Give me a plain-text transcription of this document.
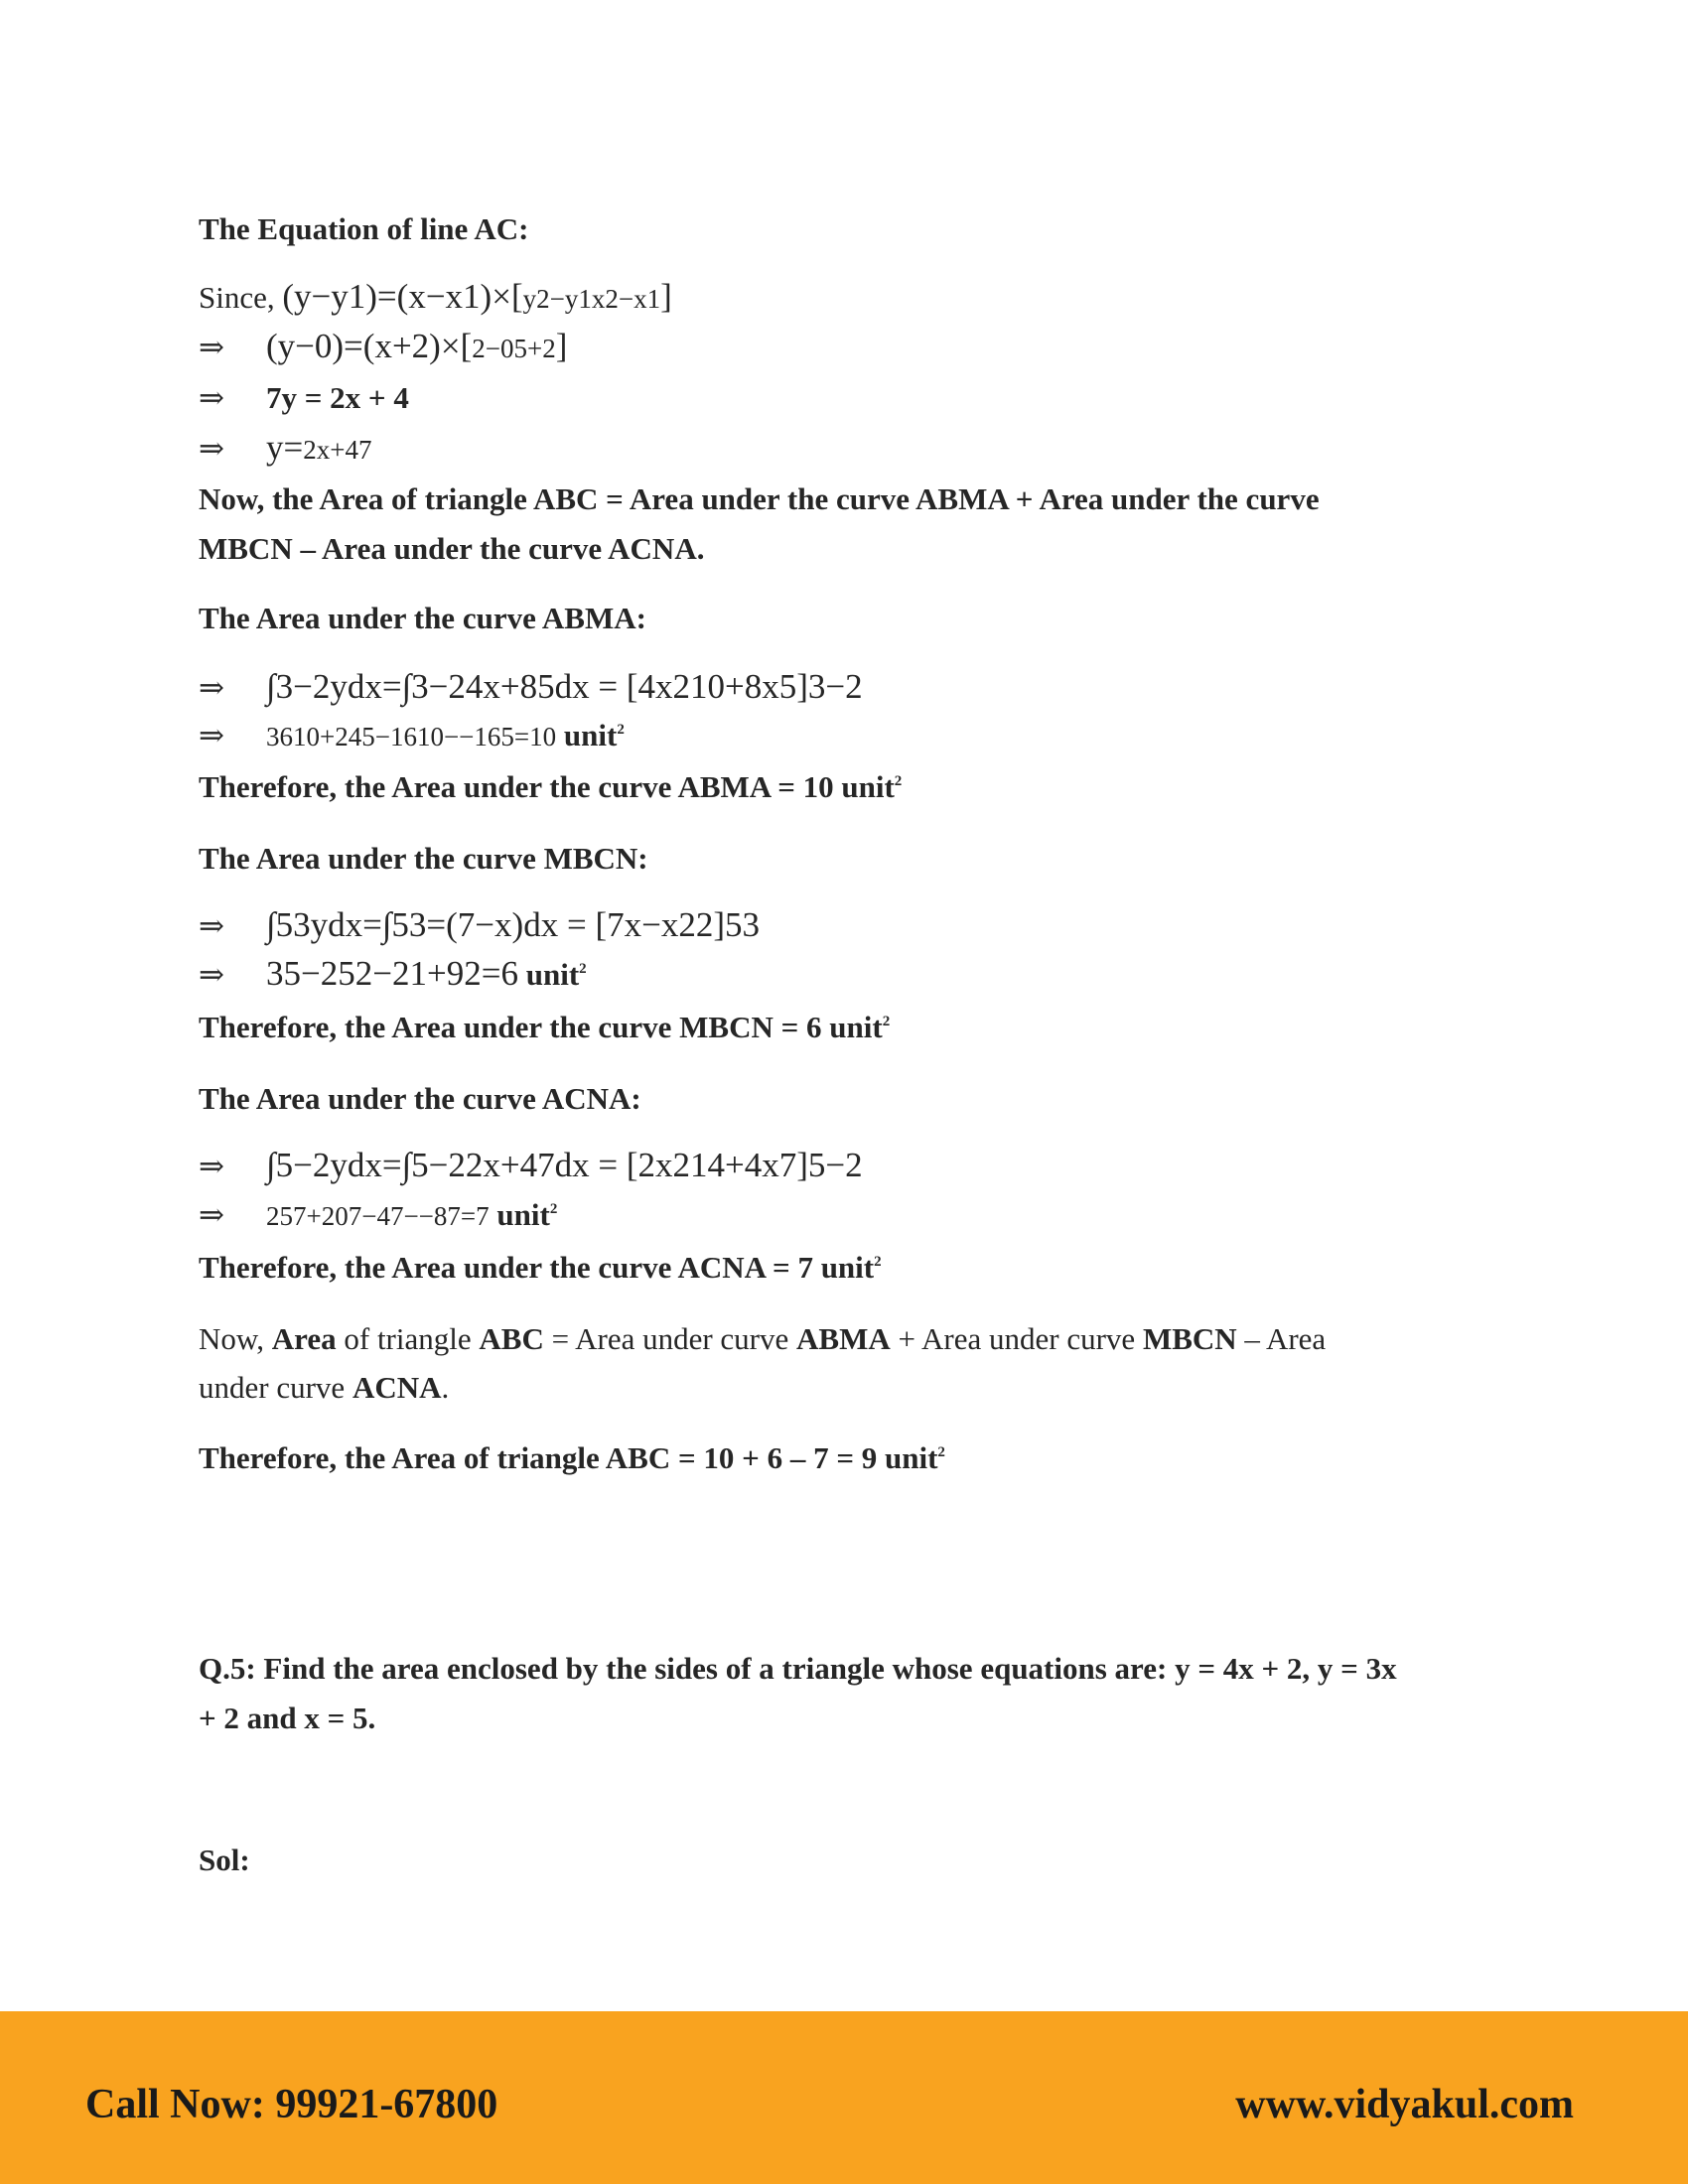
The Equation of line AC:
Since, (y−y1)=(x−x1)×[y2−y1x2−x1]
⇒ (y−0)=(x+2)×[2−05+2]
⇒ 7y = 2x + 4
⇒ y=2x+47
Now, the Area of triangle ABC = Area under the curve ABMA + Area under the curve
MBCN – Area under the curve ACNA.
The Area under the curve ABMA:
⇒ ∫3−2ydx=∫3−24x+85dx = [4x210+8x5]3−2
⇒ 3610+245−1610−−165=10 unit$^2$
Therefore, the Area under the curve ABMA = 10 unit$^2$
The Area under the curve MBCN:
⇒ ∫53ydx=∫53=(7−x)dx = [7x−x22]53
⇒ 35−252−21+92=6 unit$^2$
Therefore, the Area under the curve MBCN = 6 unit$^2$
The Area under the curve ACNA:
⇒ ∫5−2ydx=∫5−22x+47dx = [2x214+4x7]5−2
⇒ 257+207−47−−87=7 unit$^2$
Therefore, the Area under the curve ACNA = 7 unit$^2$
Now, Area of triangle ABC = Area under curve ABMA + Area under curve MBCN – Area
under curve ACNA.
Therefore, the Area of triangle ABC = 10 + 6 – 7 = 9 unit$^2$
Q.5: Find the area enclosed by the sides of a triangle whose equations are: y = 4x + 2, y = 3x
+ 2 and x = 5.
Sol:
Call Now: 99921-67800	www.vidyakul.com
